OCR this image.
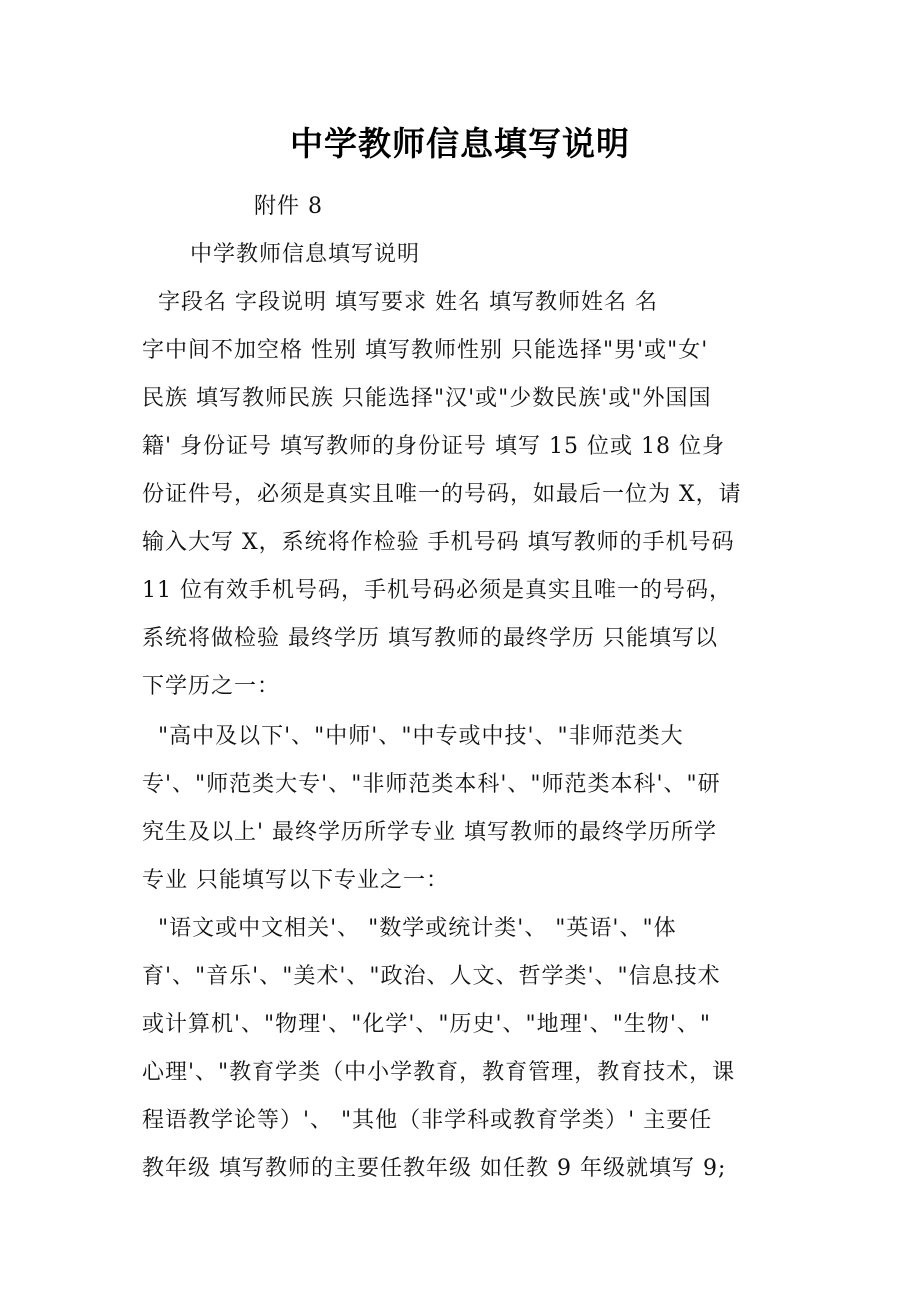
中学教师信息填写说明
附件 8
中学教师信息填写说明
字段名 字段说明 填写要求 姓名 填写教师姓名 名
字中间不加空格 性别 填写教师性别 只能选择"男'或"女'
民族 填写教师民族 只能选择"汉'或"少数民族'或"外国国
籍' 身份证号 填写教师的身份证号 填写 15 位或 18 位身
份证件号，必须是真实且唯一的号码，如最后一位为 X，请
输入大写 X，系统将作检验 手机号码 填写教师的手机号码
11 位有效手机号码，手机号码必须是真实且唯一的号码，
系统将做检验 最终学历 填写教师的最终学历 只能填写以
下学历之一：
"高中及以下'、"中师'、"中专或中技'、"非师范类大
专'、"师范类大专'、"非师范类本科'、"师范类本科'、"研
究生及以上' 最终学历所学专业 填写教师的最终学历所学
专业 只能填写以下专业之一：
"语文或中文相关'、 "数学或统计类'、 "英语'、"体
育'、"音乐'、"美术'、"政治、人文、哲学类'、"信息技术
或计算机'、"物理'、"化学'、"历史'、"地理'、"生物'、"
心理'、"教育学类（中小学教育，教育管理，教育技术，课
程语教学论等）'、 "其他（非学科或教育学类）' 主要任
教年级 填写教师的主要任教年级 如任教 9 年级就填写 9;
